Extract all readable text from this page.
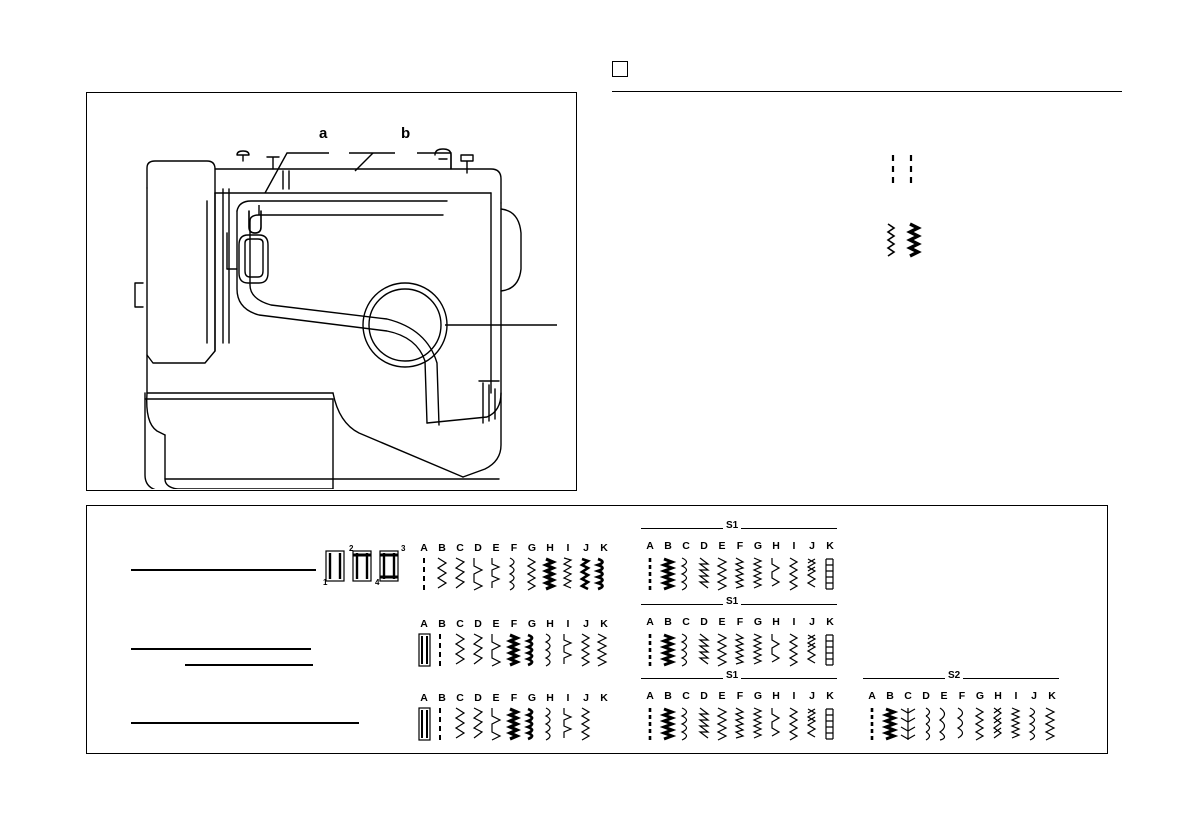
a	b
1
2	3
4
A B C D E F G H I J K
S1
A B C D E F G H I J K
A B C D E F G H I J K
S1
A B C D E F G H I J K
A B C D E F G H I J K
S1
A B C D E F G H I J K
S2
A B C D E F G H I J K
